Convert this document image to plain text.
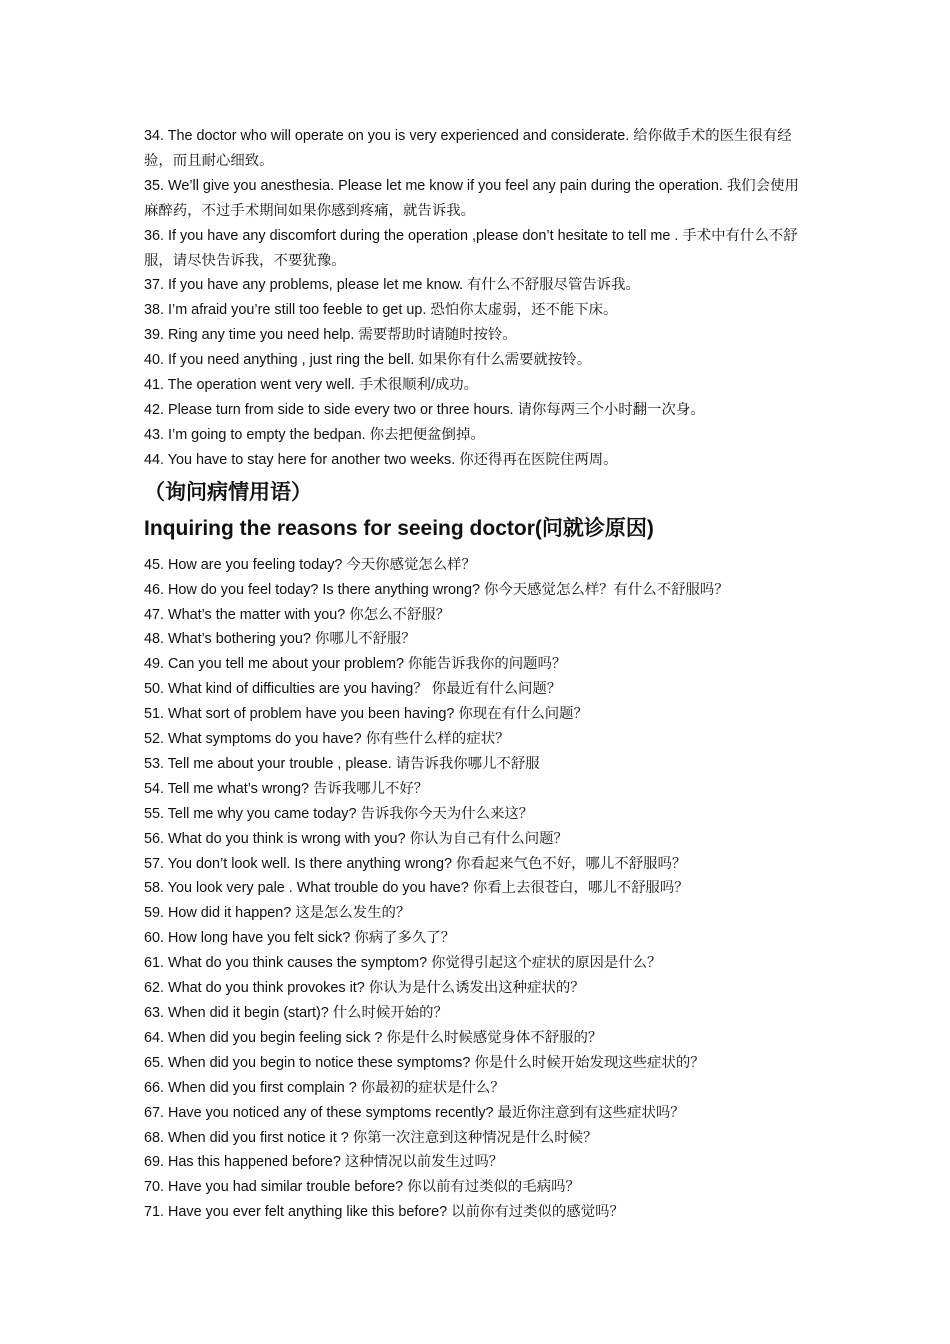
34. The doctor who will operate on you is very experienced and considerate. 给你做手术的医生很有经验，而且耐心细致。

35. We’ll give you anesthesia. Please let me know if you feel any pain during the operation. 我们会使用麻醉药，不过手术期间如果你感到疼痛，就告诉我。

36. If you have any discomfort during the operation ,please don’t hesitate to tell me . 手术中有什么不舒服，请尽快告诉我，不要犹豫。

37. If you have any problems, please let me know. 有什么不舒服尽管告诉我。

38. I’m afraid you’re still too feeble to get up. 恐怕你太虚弱，还不能下床。

39. Ring any time you need help. 需要帮助时请随时按铃。

40. If you need anything , just ring the bell. 如果你有什么需要就按铃。

41. The operation went very well. 手术很顺利/成功。

42. Please turn from side to side every two or three hours. 请你每两三个小时翻一次身。

43. I’m going to empty the bedpan. 你去把便盆倒掉。

44. You have to stay here for another two weeks. 你还得再在医院住两周。

（询问病情用语）
Inquiring the reasons for seeing doctor(问就诊原因)

45. How are you feeling today? 今天你感觉怎么样？

46. How do you feel today? Is there anything wrong? 你今天感觉怎么样？有什么不舒服吗？

47. What’s the matter with you? 你怎么不舒服？

48. What’s bothering you? 你哪儿不舒服？

49. Can you tell me about your problem? 你能告诉我你的问题吗？

50. What kind of difficulties are you having？ 你最近有什么问题？

51. What sort of problem have you been having? 你现在有什么问题？

52. What symptoms do you have? 你有些什么样的症状？

53. Tell me about your trouble , please. 请告诉我你哪儿不舒服

54. Tell me what’s wrong? 告诉我哪儿不好？

55. Tell me why you came today? 告诉我你今天为什么来这？

56. What do you think is wrong with you? 你认为自己有什么问题？

57. You don’t look well. Is there anything wrong? 你看起来气色不好，哪儿不舒服吗？

58. You look very pale . What trouble do you have? 你看上去很苍白，哪儿不舒服吗？

59. How did it happen? 这是怎么发生的？

60. How long have you felt sick? 你病了多久了？

61. What do you think causes the symptom? 你觉得引起这个症状的原因是什么？

62. What do you think provokes it? 你认为是什么诱发出这种症状的？

63. When did it begin (start)? 什么时候开始的？

64. When did you begin feeling sick ? 你是什么时候感觉身体不舒服的？

65. When did you begin to notice these symptoms? 你是什么时候开始发现这些症状的？

66. When did you first complain ? 你最初的症状是什么？

67. Have you noticed any of these symptoms recently? 最近你注意到有这些症状吗？

68. When did you first notice it ? 你第一次注意到这种情况是什么时候？

69. Has this happened before? 这种情况以前发生过吗？

70. Have you had similar trouble before? 你以前有过类似的毛病吗？

71. Have you ever felt anything like this before? 以前你有过类似的感觉吗？
